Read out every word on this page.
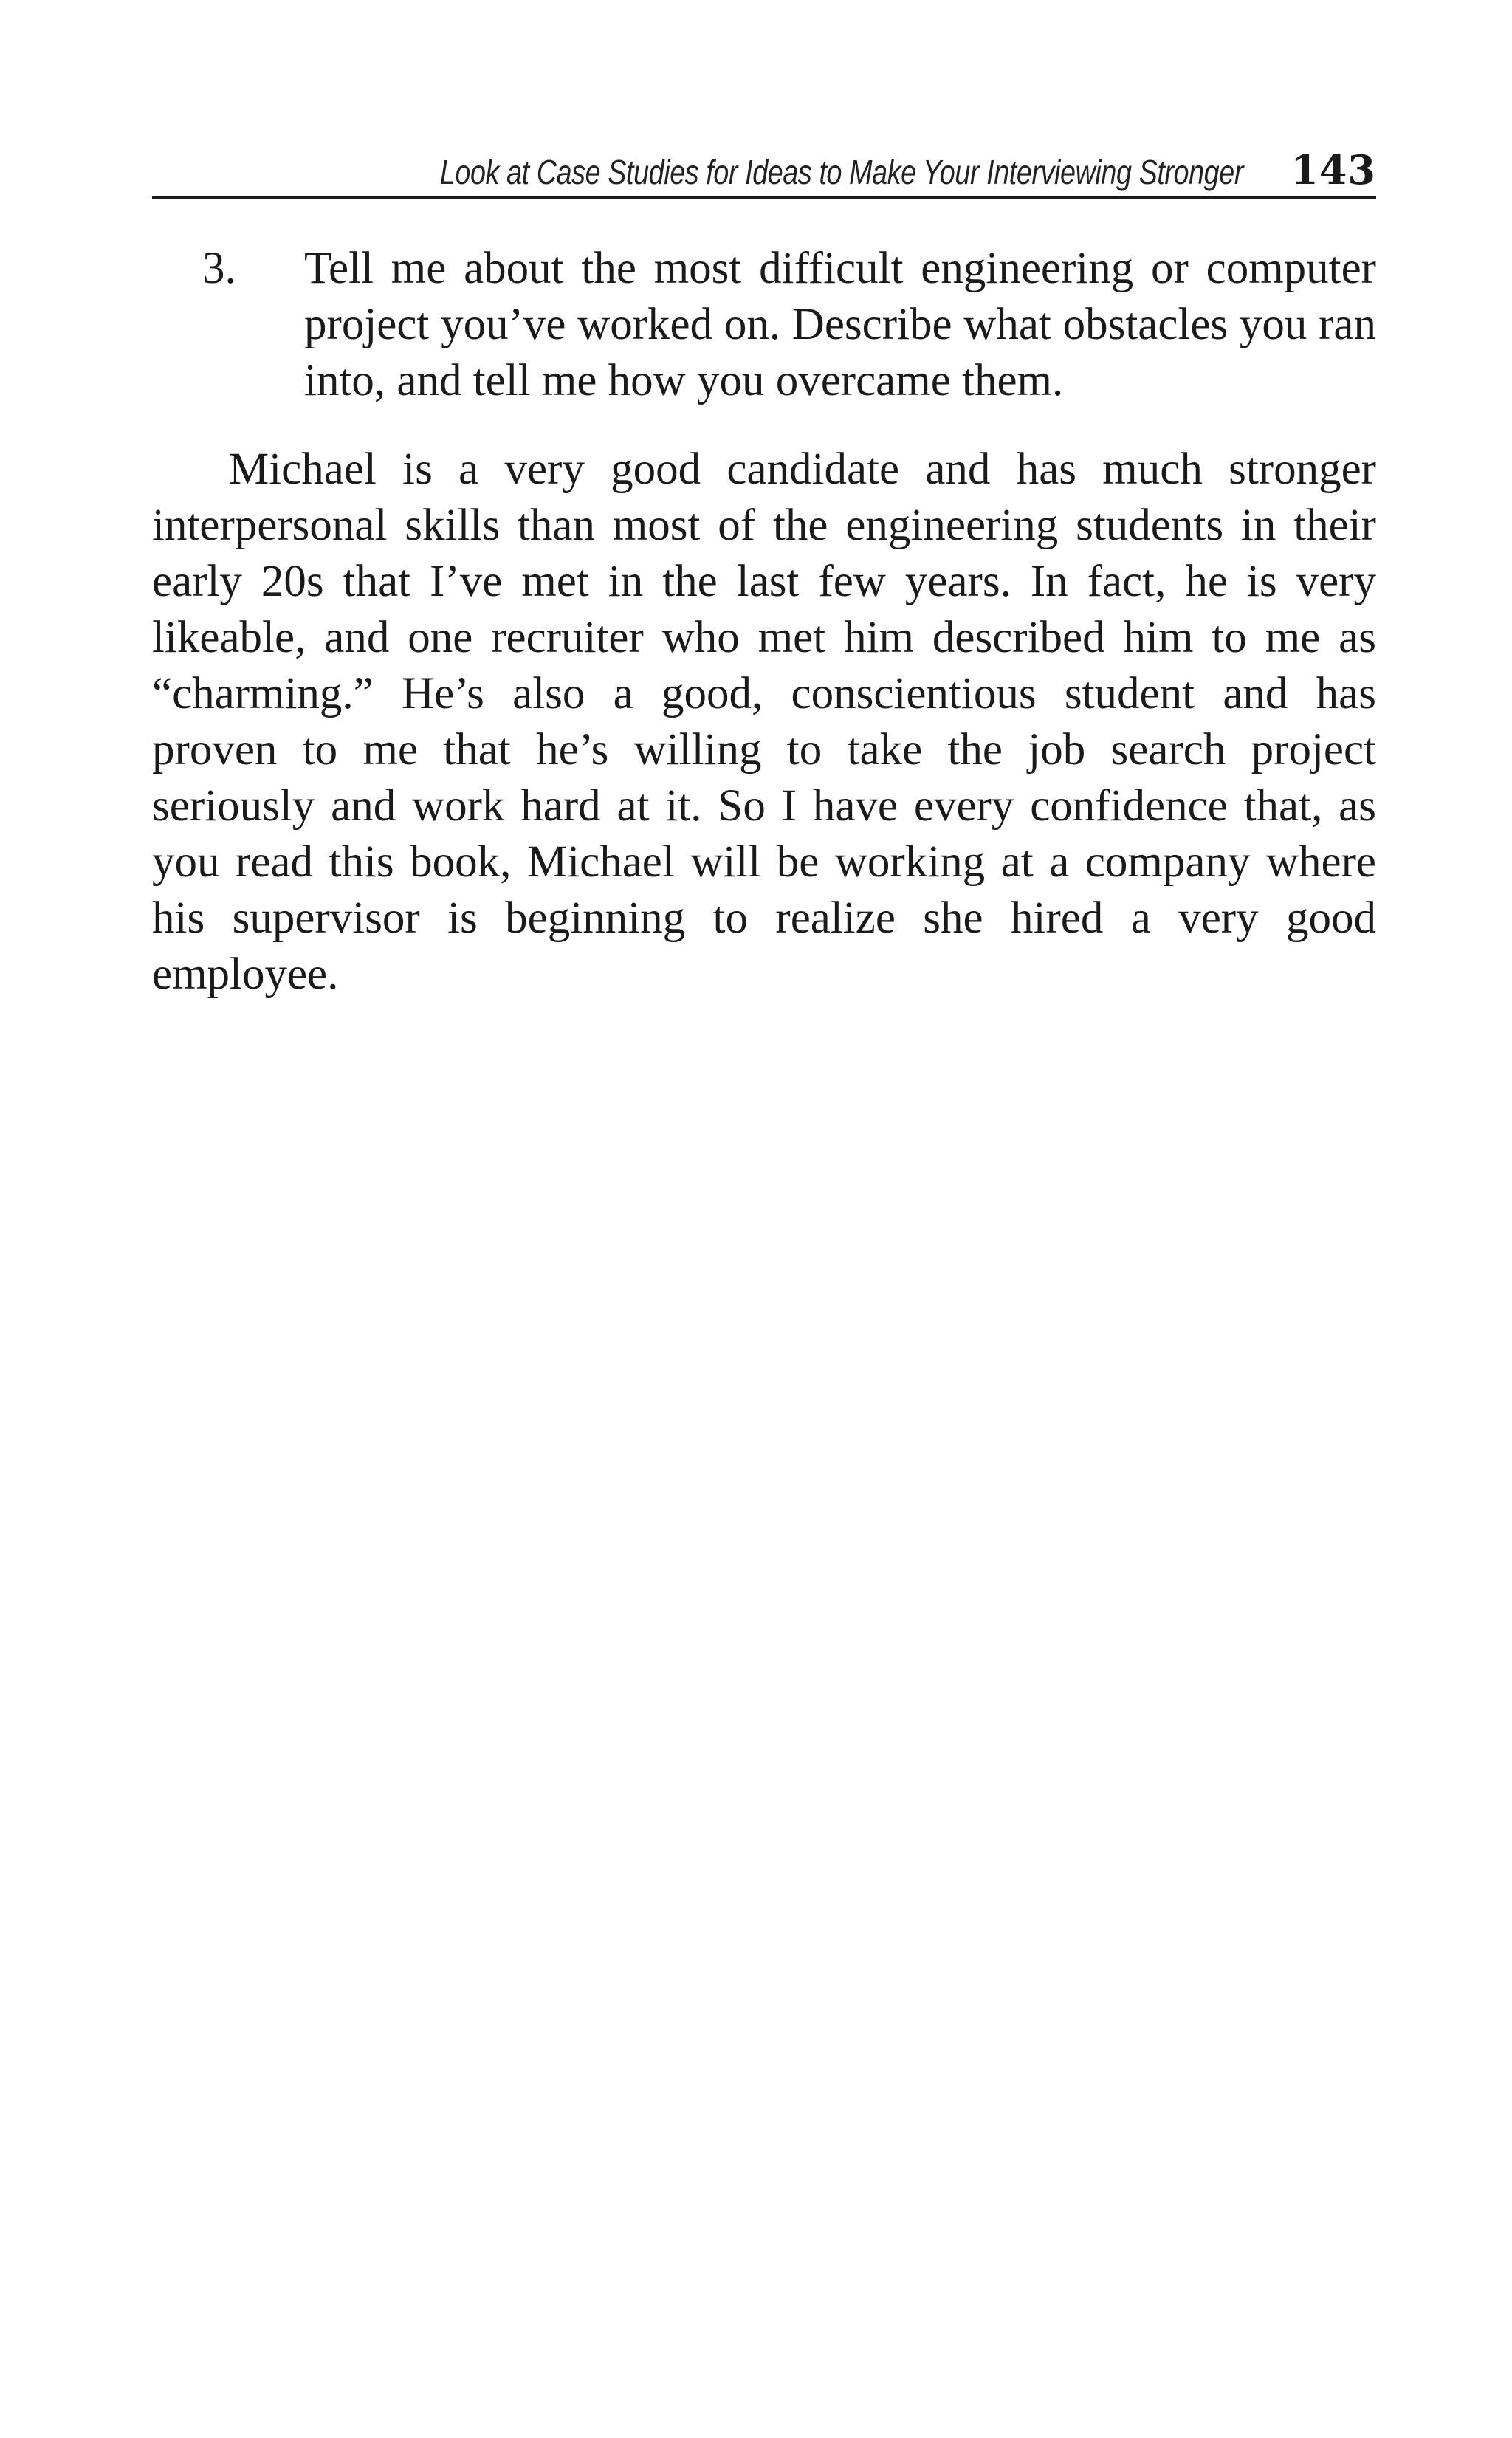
Look at Case Studies for Ideas to Make Your Interviewing Stronger 143
3.	Tell me about the most difficult engineering or computer project you’ve worked on. Describe what obstacles you ran into, and tell me how you overcame them.

Michael is a very good candidate and has much stronger interpersonal skills than most of the engineering students in their early 20s that I’ve met in the last few years. In fact, he is very likeable, and one recruiter who met him described him to me as “charming.” He’s also a good, conscientious student and has proven to me that he’s willing to take the job search project seriously and work hard at it. So I have every confidence that, as you read this book, Michael will be working at a company where his supervisor is beginning to realize she hired a very good employee.
